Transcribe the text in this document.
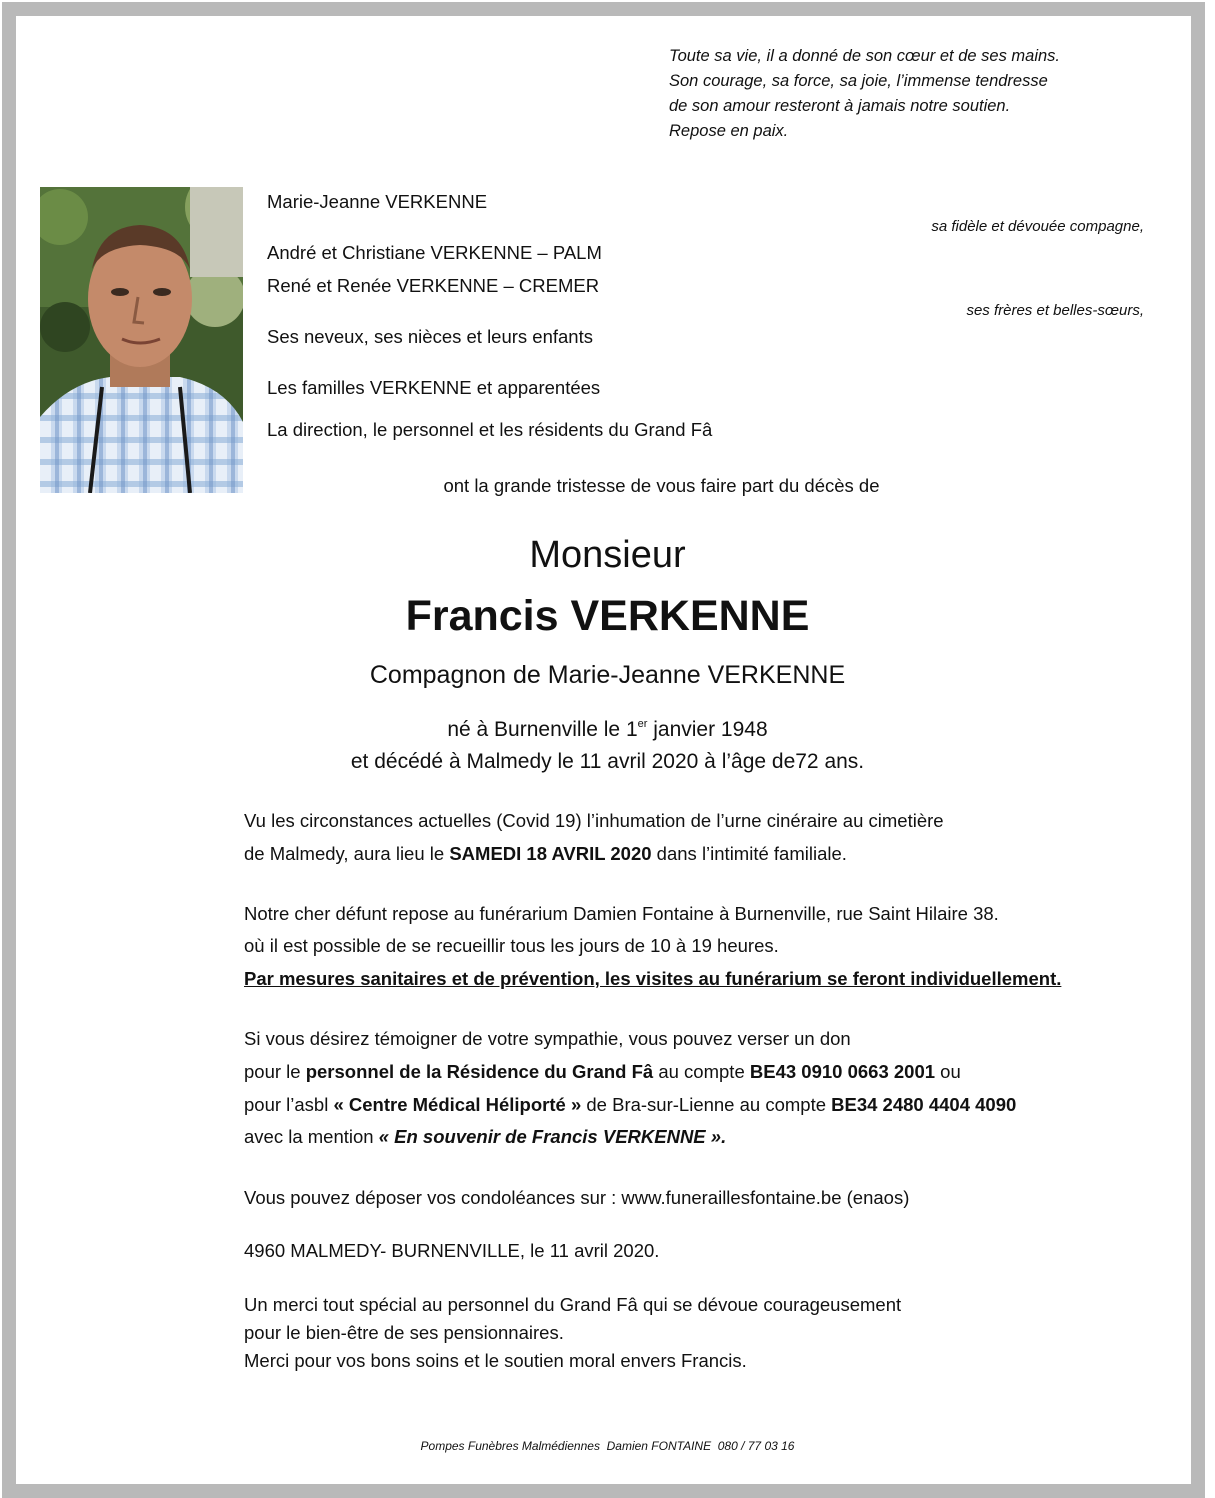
Toute sa vie, il a donné de son cœur et de ses mains.
Son courage, sa force, sa joie, l’immense tendresse
de son amour resteront à jamais notre soutien.
Repose en paix.
Marie-Jeanne VERKENNE
sa fidèle et dévouée compagne,
André et Christiane VERKENNE – PALM
René et Renée VERKENNE – CREMER
ses frères et belles-sœurs,
Ses neveux, ses nièces et leurs enfants
Les familles VERKENNE et apparentées
La direction, le personnel et les résidents du Grand Fâ
ont la grande tristesse de vous faire part du décès de
Monsieur
Francis VERKENNE
Compagnon de Marie-Jeanne VERKENNE
né à Burnenville le 1er janvier 1948
et décédé à Malmedy le 11 avril 2020 à l’âge de72 ans.
Vu les circonstances actuelles (Covid 19) l’inhumation de l’urne cinéraire au cimetière
de Malmedy, aura lieu le SAMEDI 18 AVRIL 2020 dans l’intimité familiale.
Notre cher défunt repose au funérarium Damien Fontaine à Burnenville, rue Saint Hilaire 38.
où il est possible de se recueillir tous les jours de 10 à 19 heures.
Par mesures sanitaires et de prévention, les visites au funérarium se feront individuellement.
Si vous désirez témoigner de votre sympathie, vous pouvez verser un don
pour le personnel de la Résidence du Grand Fâ au compte BE43 0910 0663 2001 ou
pour l’asbl « Centre Médical Héliporté » de Bra-sur-Lienne au compte BE34 2480 4404 4090
avec la mention « En souvenir de Francis VERKENNE ».
Vous pouvez déposer vos condoléances sur : www.funeraillesfontaine.be (enaos)
4960 MALMEDY- BURNENVILLE, le 11 avril 2020.
Un merci tout spécial au personnel du Grand Fâ qui se dévoue courageusement
pour le bien-être de ses pensionnaires.
Merci pour vos bons soins et le soutien moral envers Francis.
Pompes Funèbres Malmédiennes  Damien FONTAINE  080 / 77 03 16
